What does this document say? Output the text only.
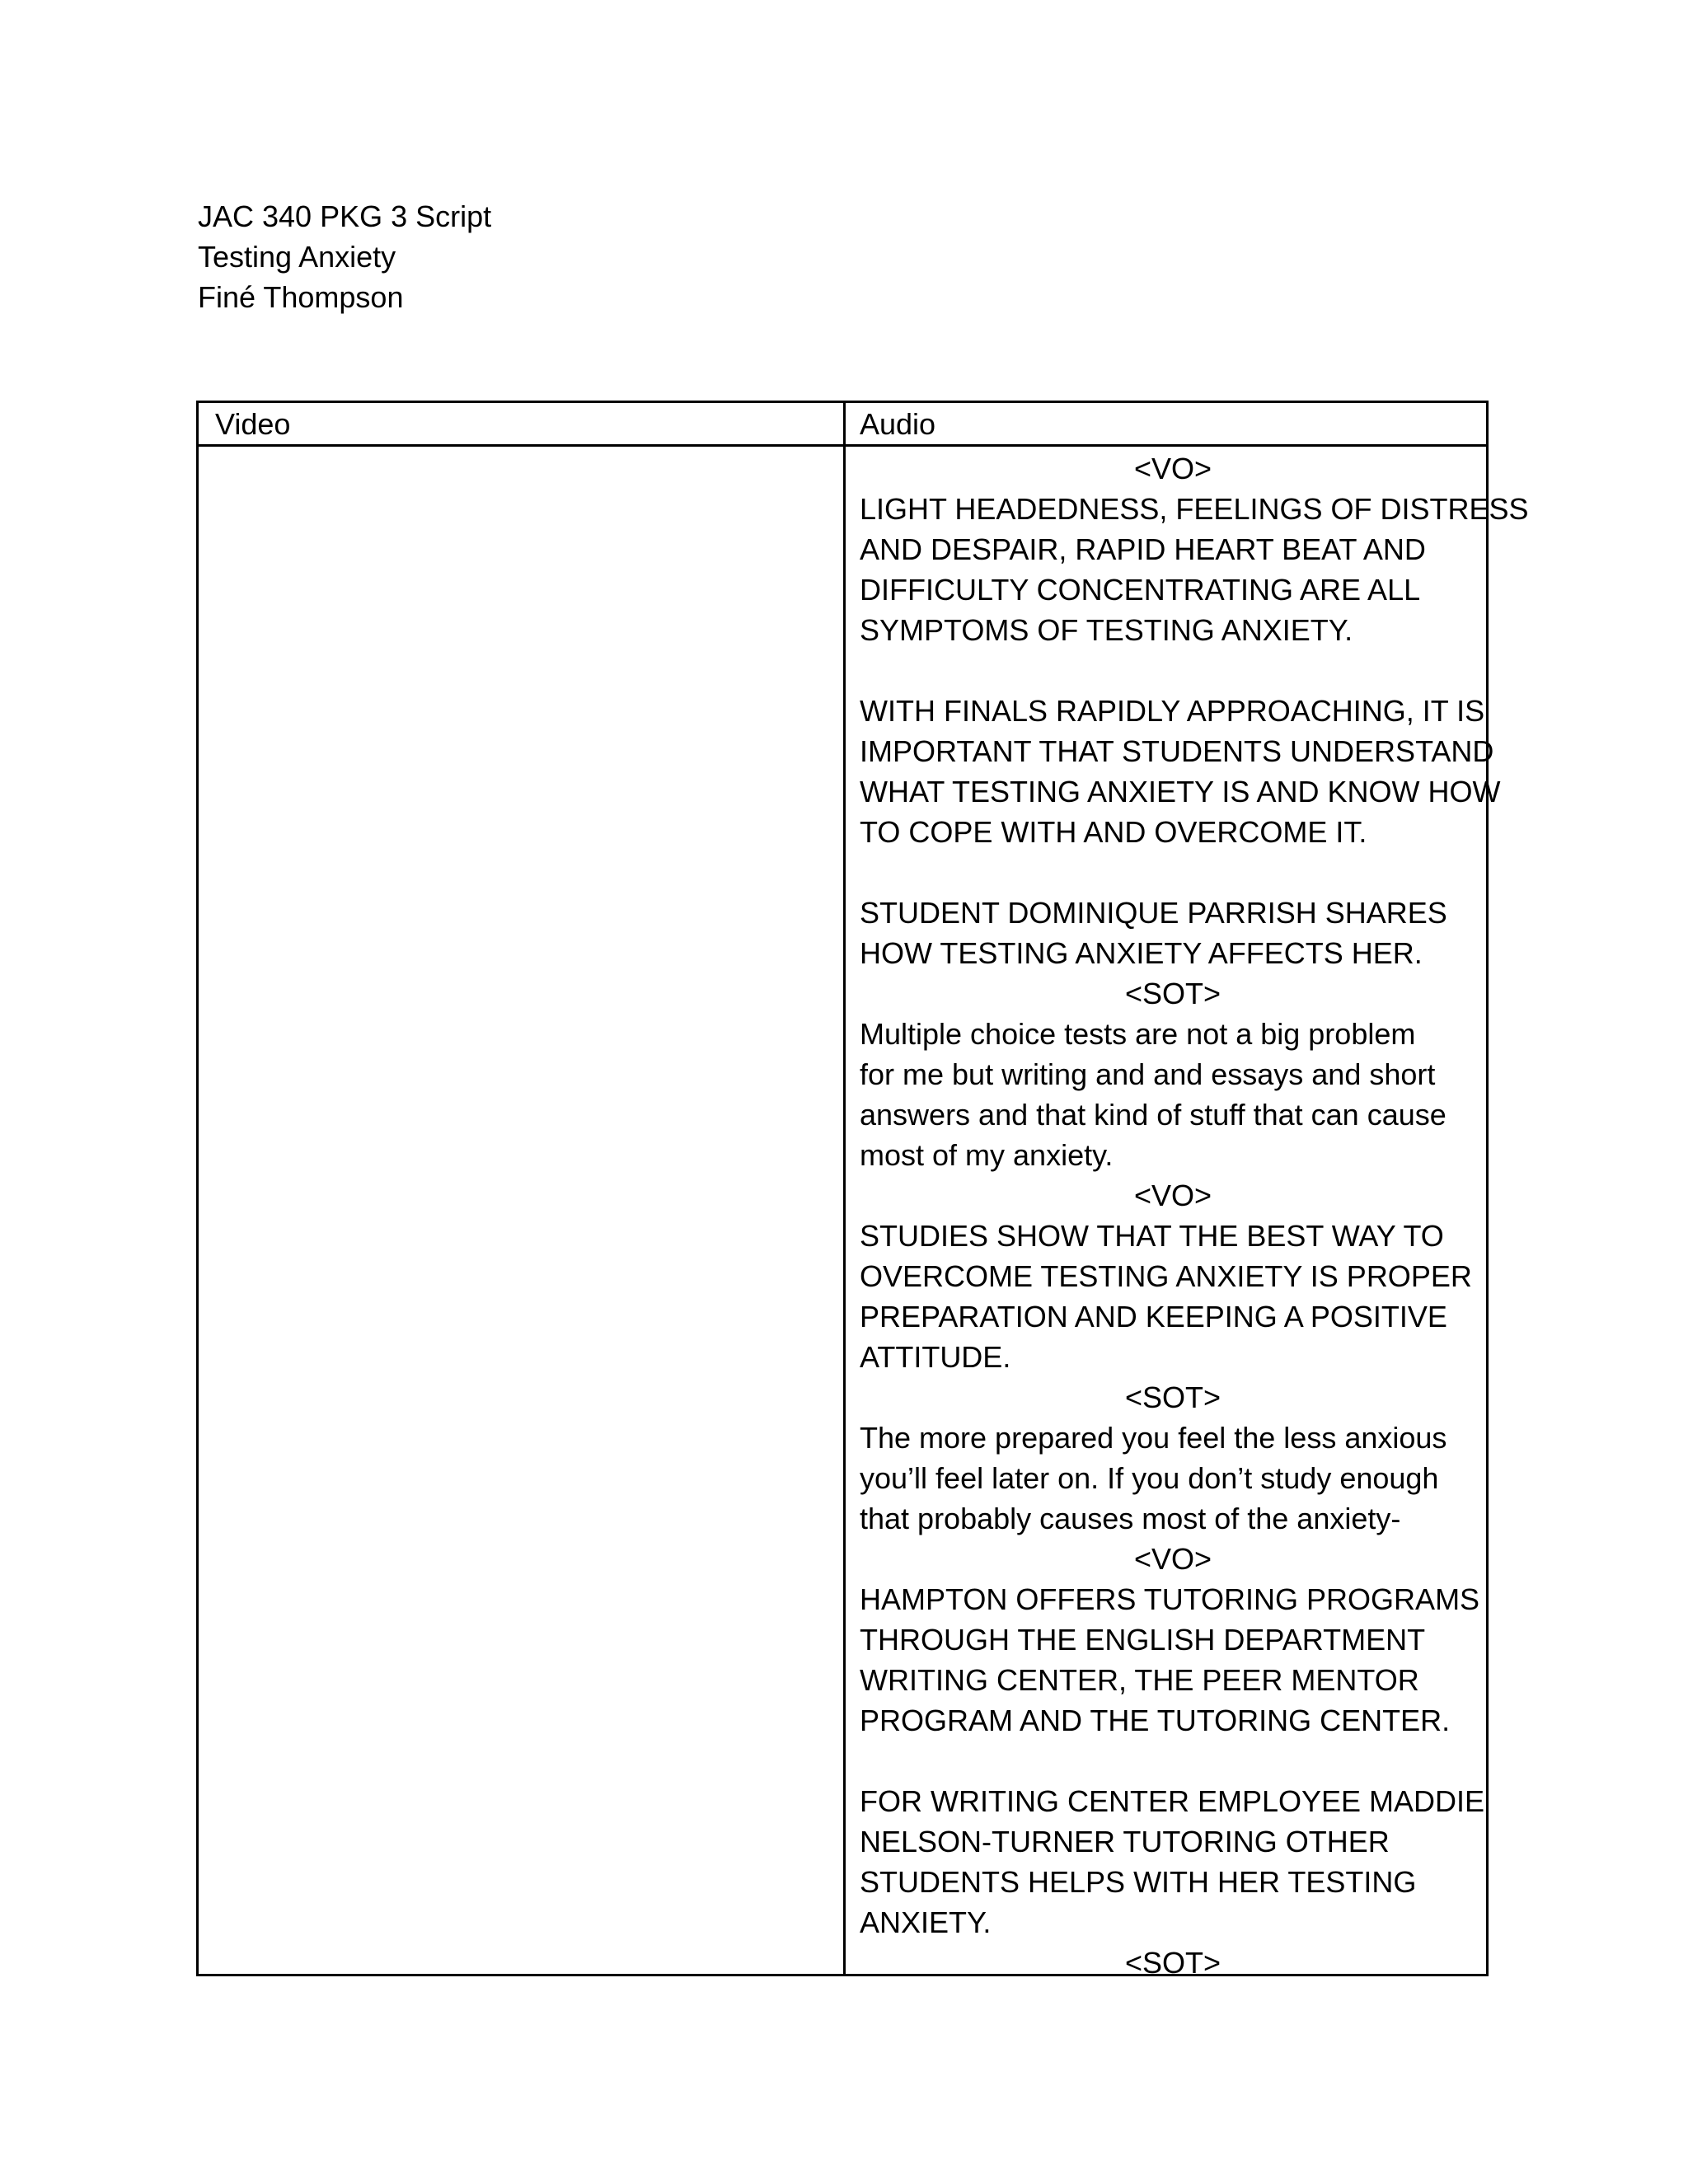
JAC 340 PKG 3 Script
Testing Anxiety
Finé Thompson
Video	Audio
<VO>
LIGHT HEADEDNESS, FEELINGS OF DISTRESS
AND DESPAIR, RAPID HEART BEAT AND
DIFFICULTY CONCENTRATING ARE ALL
SYMPTOMS OF TESTING ANXIETY.
WITH FINALS RAPIDLY APPROACHING, IT IS
IMPORTANT THAT STUDENTS UNDERSTAND
WHAT TESTING ANXIETY IS AND KNOW HOW
TO COPE WITH AND OVERCOME IT.
STUDENT DOMINIQUE PARRISH SHARES
HOW TESTING ANXIETY AFFECTS HER.
<SOT>
Multiple choice tests are not a big problem
for me but writing and and essays and short
answers and that kind of stuff that can cause
most of my anxiety.
<VO>
STUDIES SHOW THAT THE BEST WAY TO
OVERCOME TESTING ANXIETY IS PROPER
PREPARATION AND KEEPING A POSITIVE
ATTITUDE.
<SOT>
The more prepared you feel the less anxious
you’ll feel later on. If you don’t study enough
that probably causes most of the anxiety-
<VO>
HAMPTON OFFERS TUTORING PROGRAMS
THROUGH THE ENGLISH DEPARTMENT
WRITING CENTER, THE PEER MENTOR
PROGRAM AND THE TUTORING CENTER.
FOR WRITING CENTER EMPLOYEE MADDIE
NELSON-TURNER TUTORING OTHER
STUDENTS HELPS WITH HER TESTING
ANXIETY.
<SOT>
